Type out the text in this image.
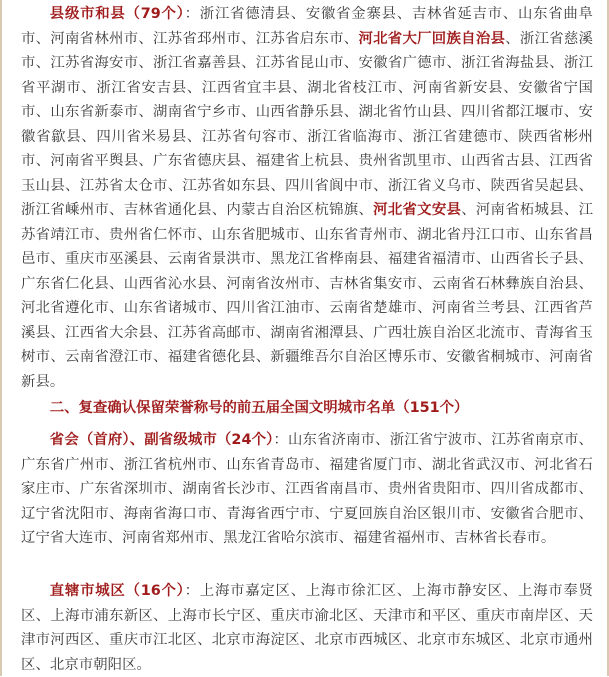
县级市和县（79个）：浙江省德清县、安徽省金寨县、吉林省延吉市、山东省曲阜市、河南省林州市、江苏省邳州市、江苏省启东市、河北省大厂回族自治县、浙江省慈溪市、江苏省海安市、浙江省嘉善县、江苏省昆山市、安徽省广德市、浙江省海盐县、浙江省平湖市、浙江省安吉县、江西省宜丰县、湖北省枝江市、河南省新安县、安徽省宁国市、山东省新泰市、湖南省宁乡市、山西省静乐县、湖北省竹山县、四川省都江堰市、安徽省歙县、四川省米易县、江苏省句容市、浙江省临海市、浙江省建德市、陕西省彬州市、河南省平舆县、广东省德庆县、福建省上杭县、贵州省凯里市、山西省古县、江西省玉山县、江苏省太仓市、江苏省如东县、四川省阆中市、浙江省义乌市、陕西省吴起县、浙江省嵊州市、吉林省通化县、内蒙古自治区杭锦旗、河北省文安县、河南省柘城县、江苏省靖江市、贵州省仁怀市、山东省肥城市、山东省青州市、湖北省丹江口市、山东省昌邑市、重庆市巫溪县、云南省景洪市、黑龙江省桦南县、福建省福清市、山西省长子县、广东省仁化县、山西省沁水县、河南省汝州市、吉林省集安市、云南省石林彝族自治县、河北省遵化市、山东省诸城市、四川省江油市、云南省楚雄市、河南省兰考县、江西省芦溪县、江西省大余县、江苏省高邮市、湖南省湘潭县、广西壮族自治区北流市、青海省玉树市、云南省澄江市、福建省德化县、新疆维吾尔自治区博乐市、安徽省桐城市、河南省新县。

二、复查确认保留荣誉称号的前五届全国文明城市名单（151个）

省会（首府）、副省级城市（24个）：山东省济南市、浙江省宁波市、江苏省南京市、广东省广州市、浙江省杭州市、山东省青岛市、福建省厦门市、湖北省武汉市、河北省石家庄市、广东省深圳市、湖南省长沙市、江西省南昌市、贵州省贵阳市、四川省成都市、辽宁省沈阳市、海南省海口市、青海省西宁市、宁夏回族自治区银川市、安徽省合肥市、辽宁省大连市、河南省郑州市、黑龙江省哈尔滨市、福建省福州市、吉林省长春市。

直辖市城区（16个）：上海市嘉定区、上海市徐汇区、上海市静安区、上海市奉贤区、上海市浦东新区、上海市长宁区、重庆市渝北区、天津市和平区、重庆市南岸区、天津市河西区、重庆市江北区、北京市海淀区、北京市西城区、北京市东城区、北京市通州区、北京市朝阳区。
